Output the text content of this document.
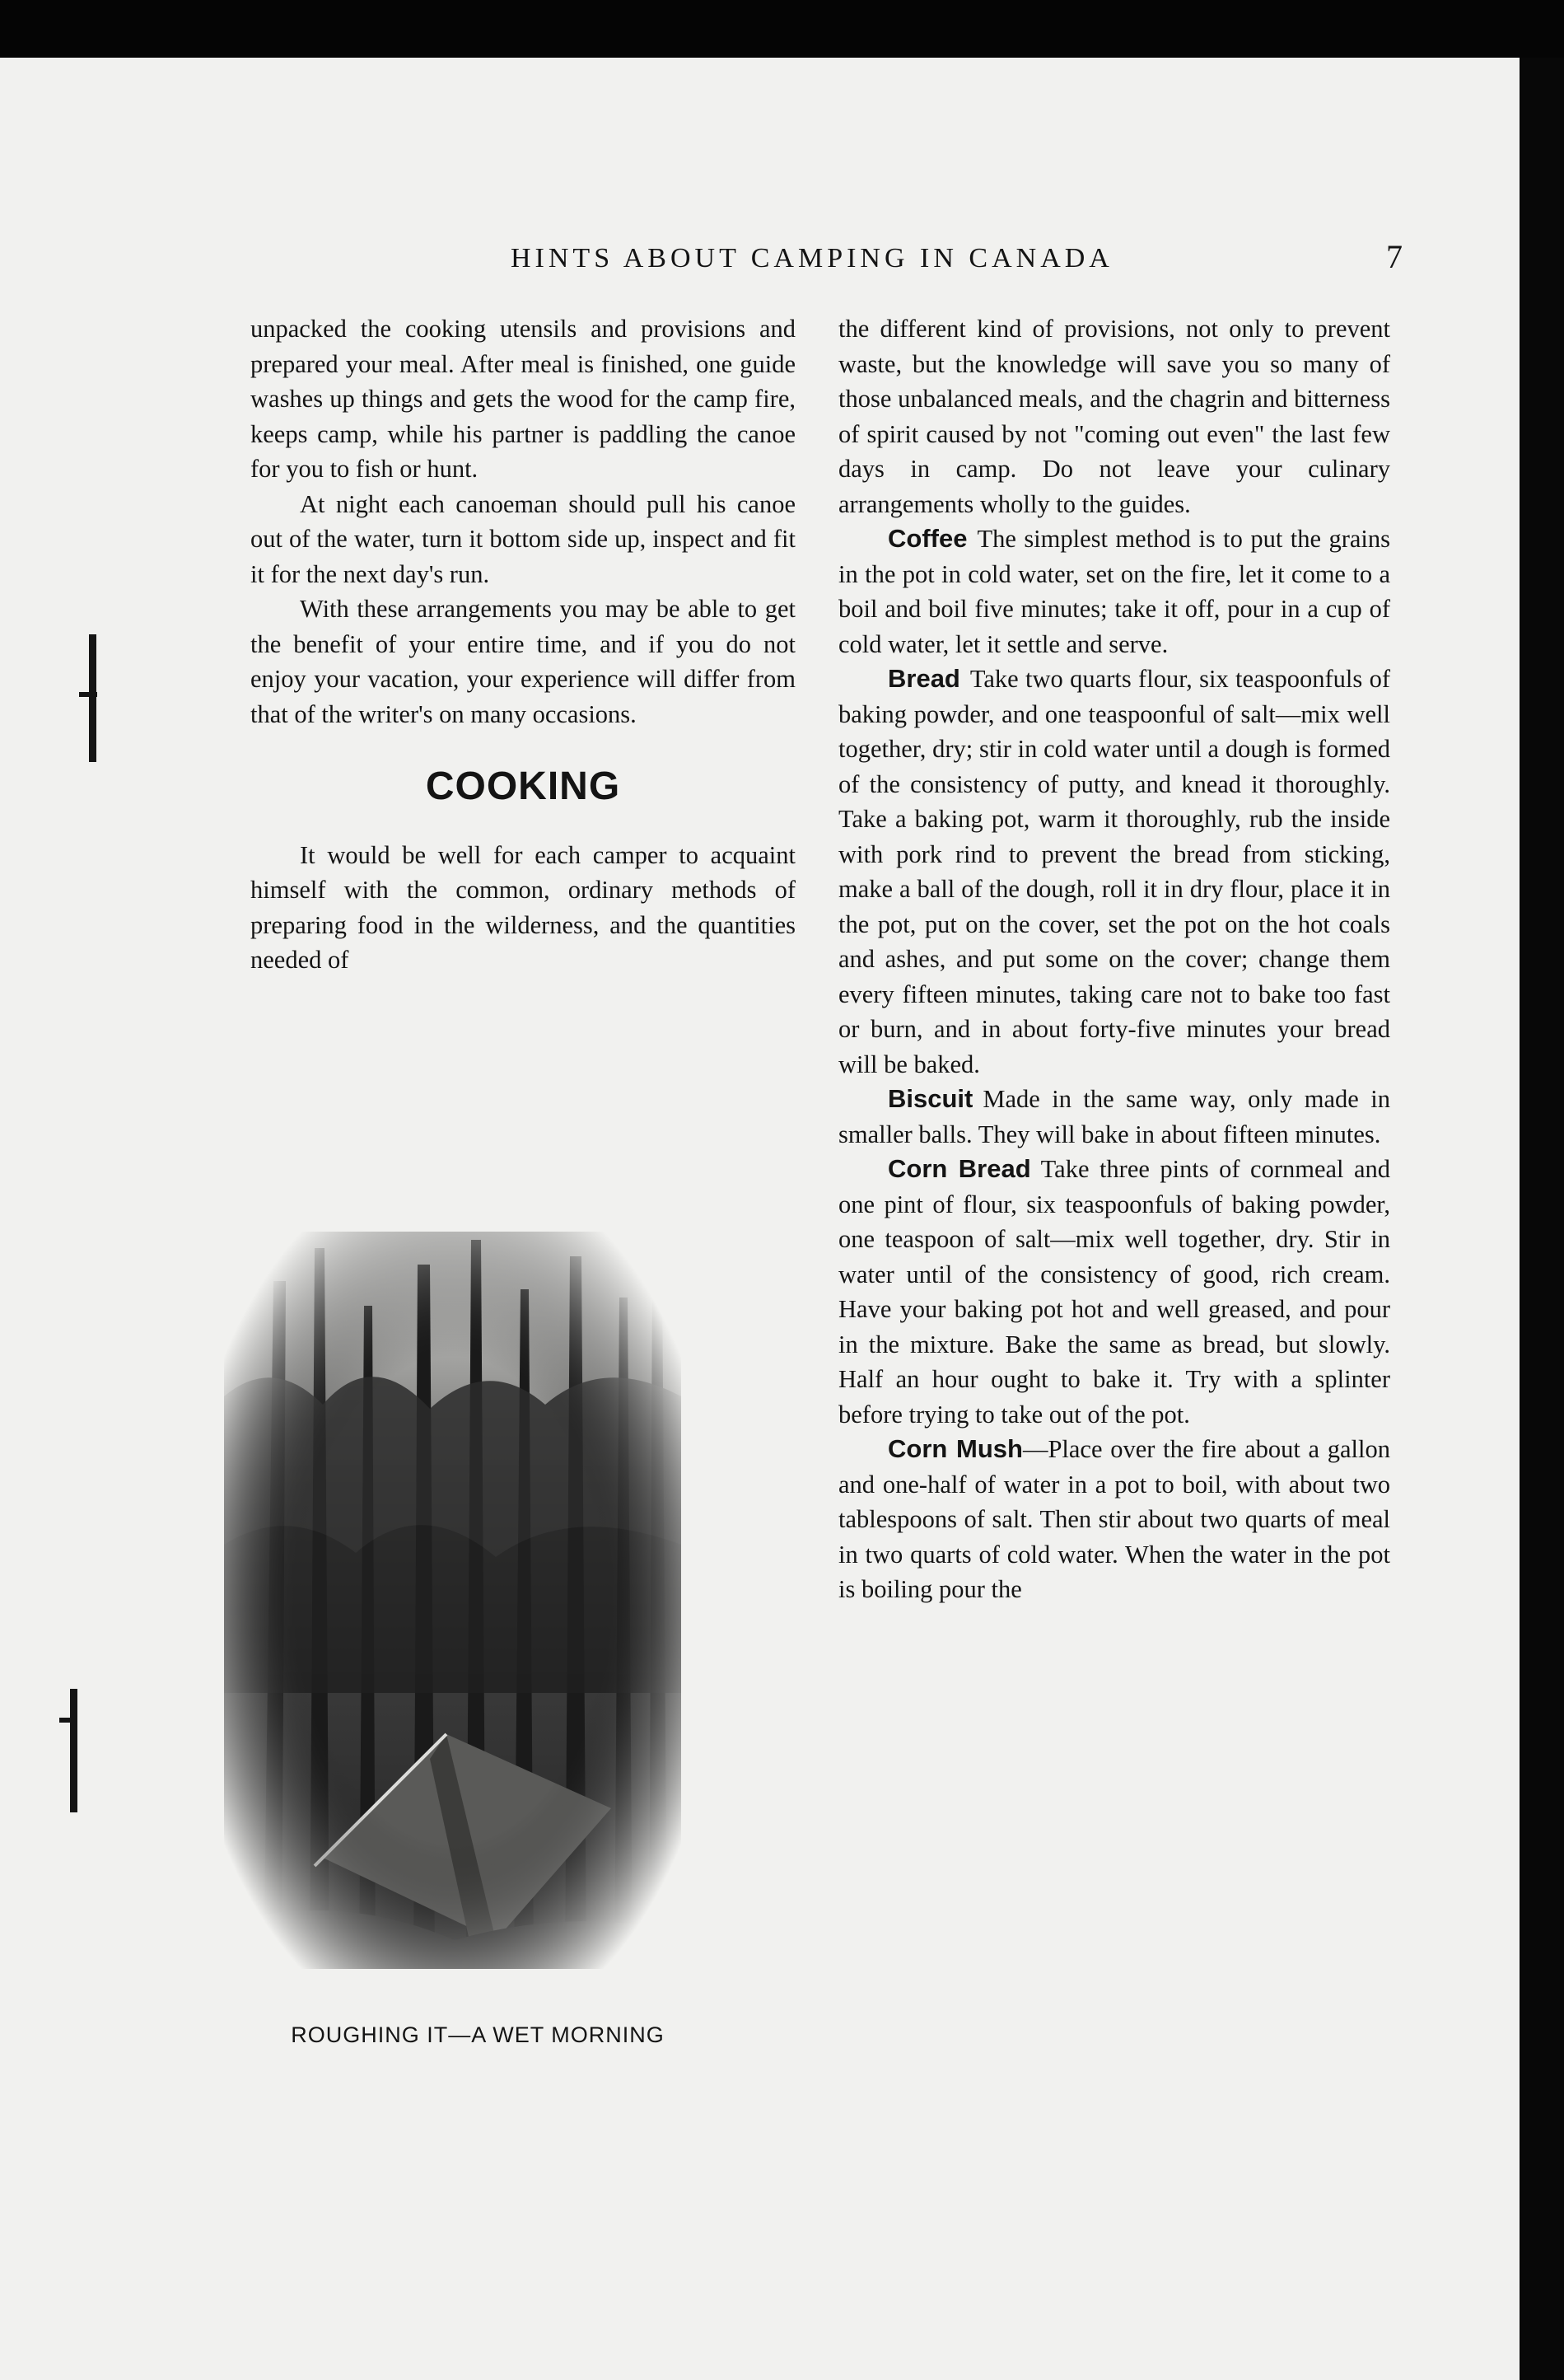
HINTS ABOUT CAMPING IN CANADA	7

unpacked the cooking utensils and provisions and prepared your meal. After meal is finished, one guide washes up things and gets the wood for the camp fire, keeps camp, while his partner is paddling the canoe for you to fish or hunt.

At night each canoeman should pull his canoe out of the water, turn it bottom side up, inspect and fit it for the next day's run.

With these arrangements you may be able to get the benefit of your entire time, and if you do not enjoy your vacation, your experience will differ from that of the writer's on many occasions.

COOKING

It would be well for each camper to acquaint himself with the common, ordinary methods of preparing food in the wilderness, and the quantities needed of

ROUGHING IT—A WET MORNING

the different kind of provisions, not only to prevent waste, but the knowledge will save you so many of those unbalanced meals, and the chagrin and bitterness of spirit caused by not "coming out even" the last few days in camp. Do not leave your culinary arrangements wholly to the guides.

Coffee The simplest method is to put the grains in the pot in cold water, set on the fire, let it come to a boil and boil five minutes; take it off, pour in a cup of cold water, let it settle and serve.

Bread Take two quarts flour, six teaspoonfuls of baking powder, and one teaspoonful of salt—mix well together, dry; stir in cold water until a dough is formed of the consistency of putty, and knead it thoroughly. Take a baking pot, warm it thoroughly, rub the inside with pork rind to prevent the bread from sticking, make a ball of the dough, roll it in dry flour, place it in the pot, put on the cover, set the pot on the hot coals and ashes, and put some on the cover; change them every fifteen minutes, taking care not to bake too fast or burn, and in about forty-five minutes your bread will be baked.

Biscuit Made in the same way, only made in smaller balls. They will bake in about fifteen minutes.

Corn Bread Take three pints of cornmeal and one pint of flour, six teaspoonfuls of baking powder, one teaspoon of salt—mix well together, dry. Stir in water until of the consistency of good, rich cream. Have your baking pot hot and well greased, and pour in the mixture. Bake the same as bread, but slowly. Half an hour ought to bake it. Try with a splinter before trying to take out of the pot.

Corn Mush—Place over the fire about a gallon and one-half of water in a pot to boil, with about two tablespoons of salt. Then stir about two quarts of meal in two quarts of cold water. When the water in the pot is boiling pour the
